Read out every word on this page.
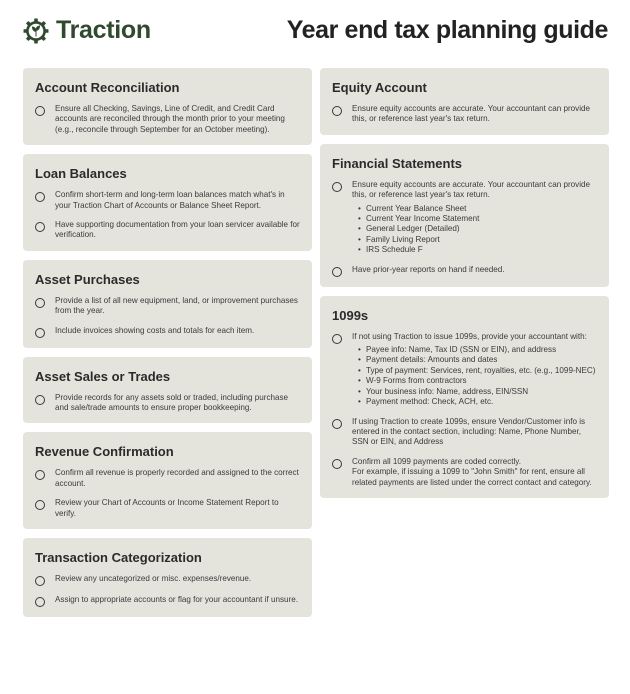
Traction	Year end tax planning guide
Account Reconciliation
Ensure all Checking, Savings, Line of Credit, and Credit Card accounts are reconciled through the month prior to your meeting (e.g., reconcile through September for an October meeting).
Loan Balances
Confirm short-term and long-term loan balances match what's in your Traction Chart of Accounts or Balance Sheet Report.
Have supporting documentation from your loan servicer available for verification.
Asset Purchases
Provide a list of all new equipment, land, or improvement purchases from the year.
Include invoices showing costs and totals for each item.
Asset Sales or Trades
Provide records for any assets sold or traded, including purchase and sale/trade amounts to ensure proper bookkeeping.
Revenue Confirmation
Confirm all revenue is properly recorded and assigned to the correct account.
Review your Chart of Accounts or Income Statement Report to verify.
Transaction Categorization
Review any uncategorized or misc. expenses/revenue.
Assign to appropriate accounts or flag for your accountant if unsure.
Equity Account
Ensure equity accounts are accurate. Your accountant can provide this, or reference last year's tax return.
Financial Statements
Ensure equity accounts are accurate. Your accountant can provide this, or reference last year's tax return.
• Current Year Balance Sheet
• Current Year Income Statement
• General Ledger (Detailed)
• Family Living Report
• IRS Schedule F
Have prior-year reports on hand if needed.
1099s
If not using Traction to issue 1099s, provide your accountant with:
• Payee info: Name, Tax ID (SSN or EIN), and address
• Payment details: Amounts and dates
• Type of payment: Services, rent, royalties, etc. (e.g., 1099-NEC)
• W-9 Forms from contractors
• Your business info: Name, address, EIN/SSN
• Payment method: Check, ACH, etc.
If using Traction to create 1099s, ensure Vendor/Customer info is entered in the contact section, including: Name, Phone Number, SSN or EIN, and Address
Confirm all 1099 payments are coded correctly.
For example, if issuing a 1099 to "John Smith" for rent, ensure all related payments are listed under the correct contact and category.
